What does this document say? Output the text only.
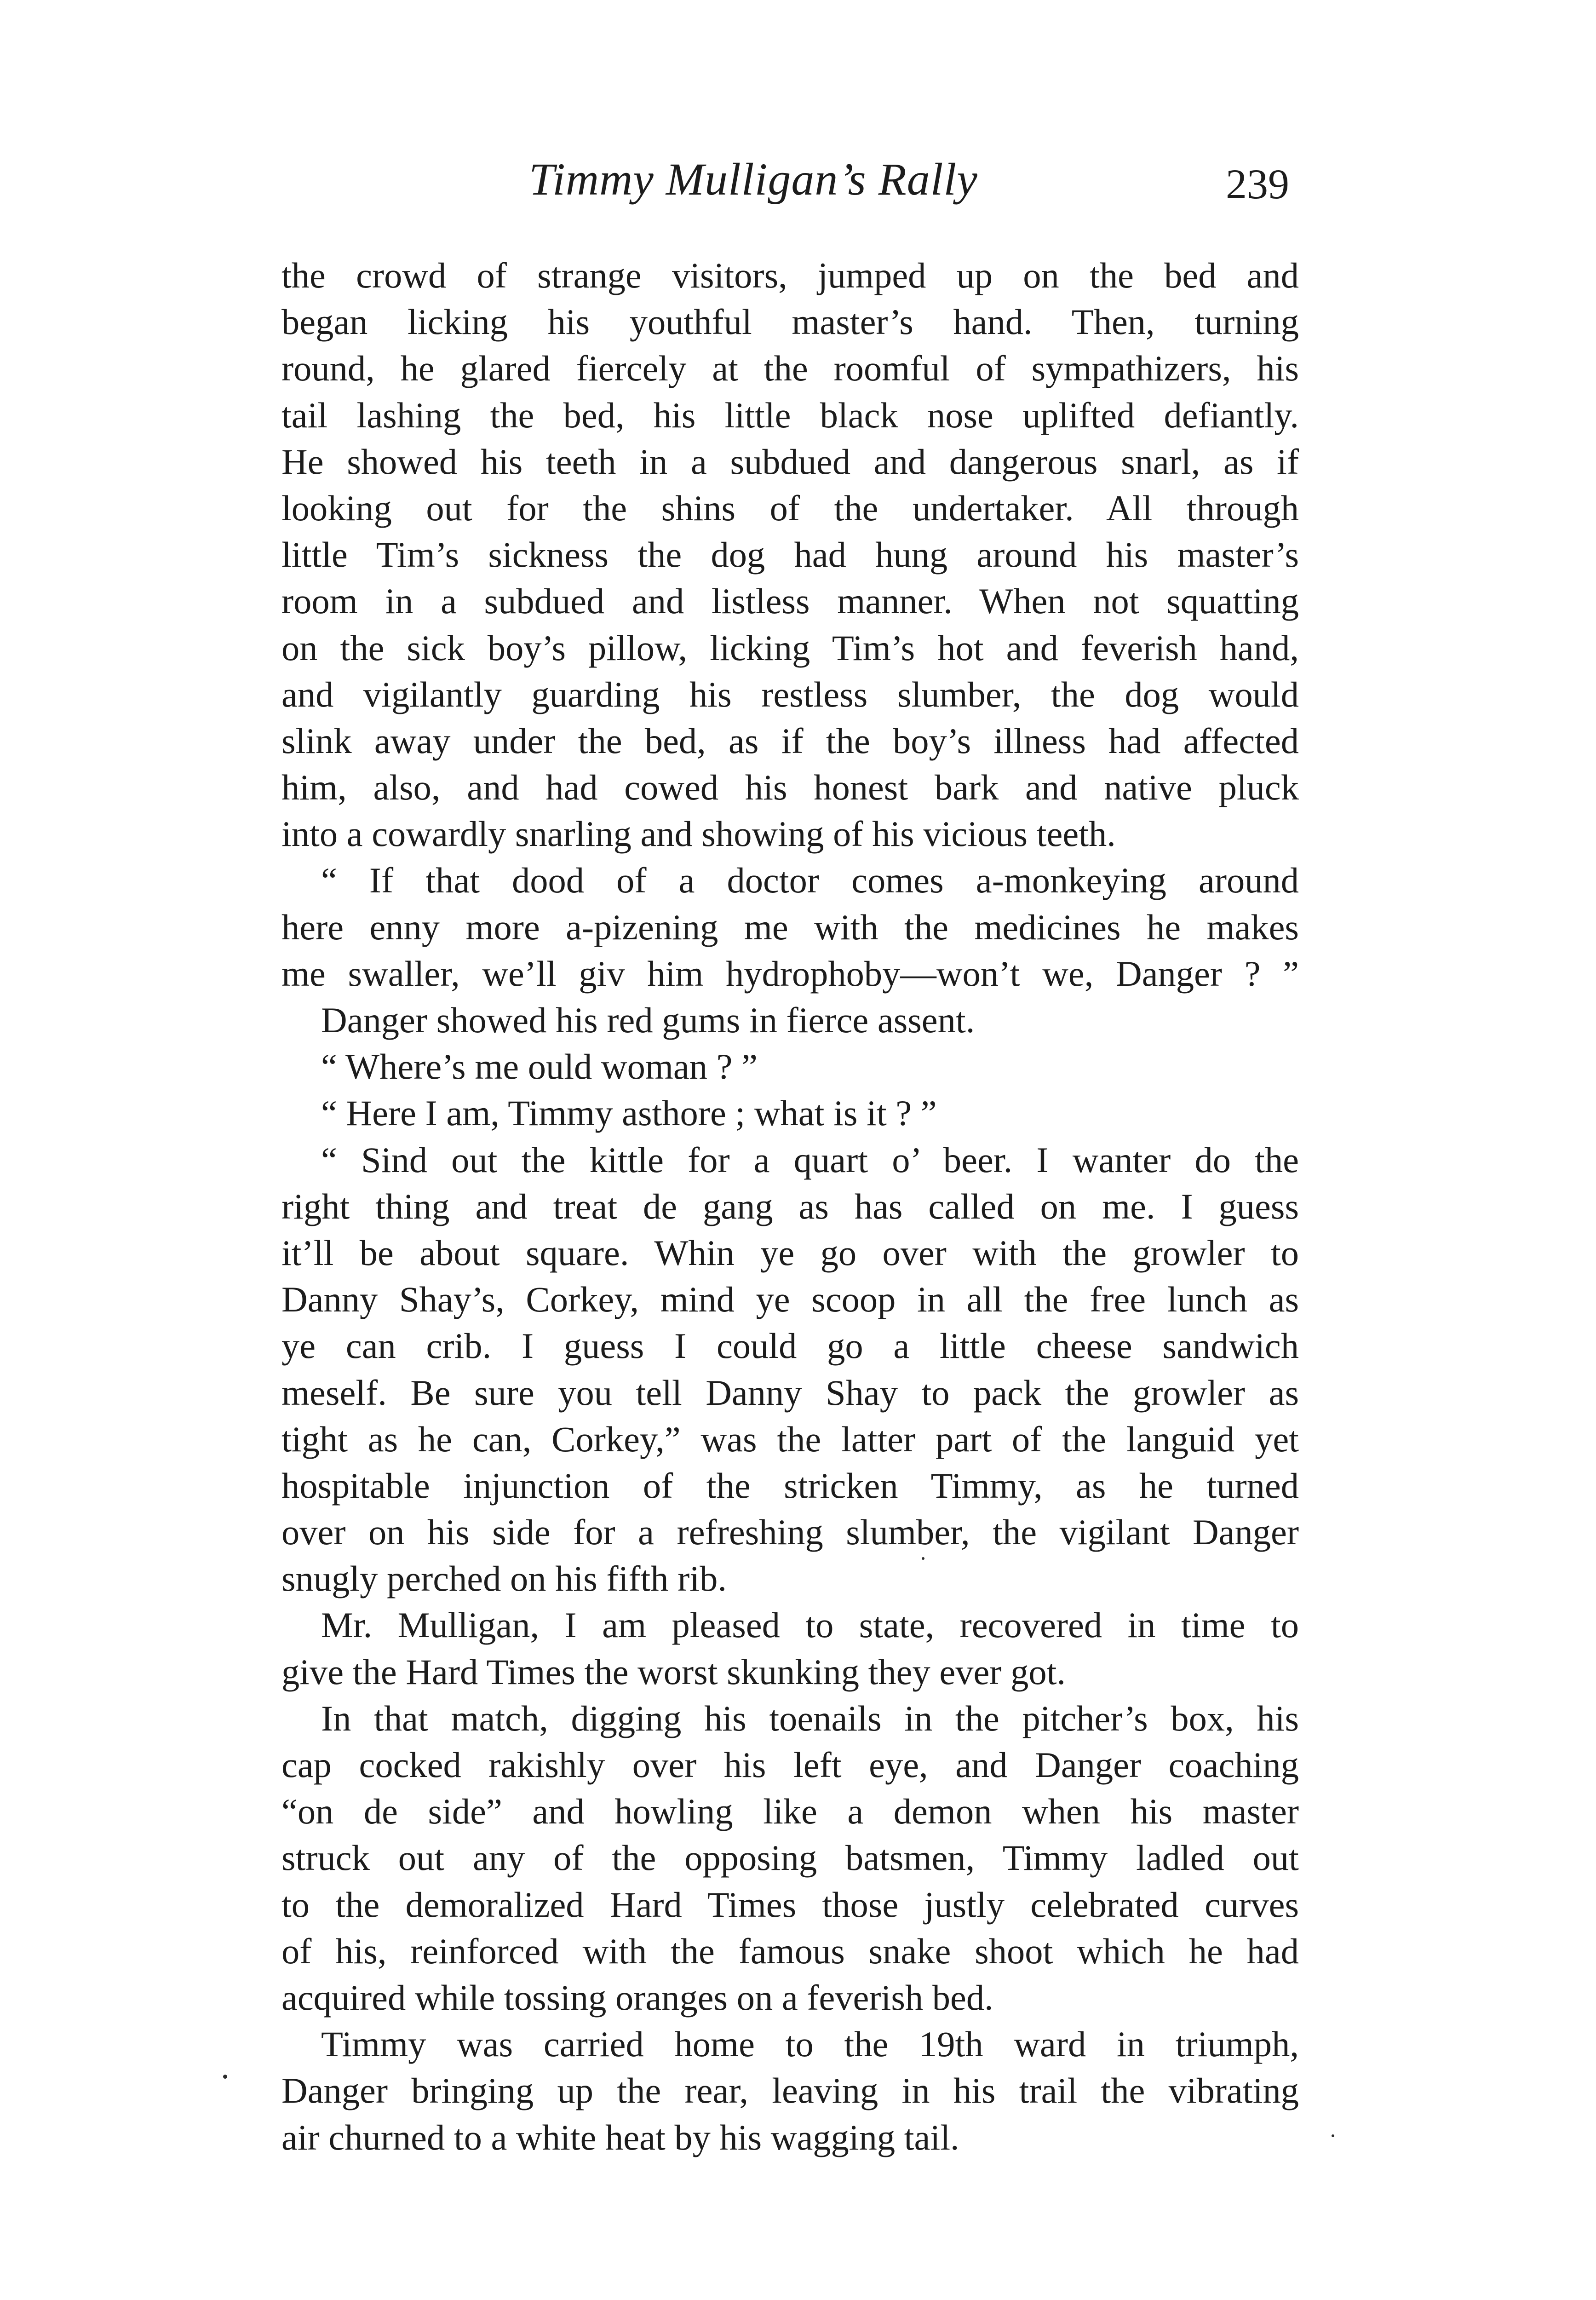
Timmy Mulligan’s Rally	239
the crowd of strange visitors, jumped up on the bed and
began licking his youthful master’s hand. Then, turning
round, he glared fiercely at the roomful of sympathizers, his
tail lashing the bed, his little black nose uplifted defiantly.
He showed his teeth in a subdued and dangerous snarl, as if
looking out for the shins of the undertaker. All through
little Tim’s sickness the dog had hung around his master’s
room in a subdued and listless manner. When not squatting
on the sick boy’s pillow, licking Tim’s hot and feverish hand,
and vigilantly guarding his restless slumber, the dog would
slink away under the bed, as if the boy’s illness had affected
him, also, and had cowed his honest bark and native pluck
into a cowardly snarling and showing of his vicious teeth.
“ If that dood of a doctor comes a-monkeying around
here enny more a-pizening me with the medicines he makes
me swaller, we’ll giv him hydrophoby—won’t we, Danger ? ”
Danger showed his red gums in fierce assent.
“ Where’s me ould woman ? ”
“ Here I am, Timmy asthore ; what is it ? ”
“ Sind out the kittle for a quart o’ beer. I wanter do the
right thing and treat de gang as has called on me. I guess
it’ll be about square. Whin ye go over with the growler to
Danny Shay’s, Corkey, mind ye scoop in all the free lunch as
ye can crib. I guess I could go a little cheese sandwich
meself. Be sure you tell Danny Shay to pack the growler as
tight as he can, Corkey,” was the latter part of the languid yet
hospitable injunction of the stricken Timmy, as he turned
over on his side for a refreshing slumber, the vigilant Danger
snugly perched on his fifth rib.
Mr. Mulligan, I am pleased to state, recovered in time to
give the Hard Times the worst skunking they ever got.
In that match, digging his toenails in the pitcher’s box, his
cap cocked rakishly over his left eye, and Danger coaching
“on de side” and howling like a demon when his master
struck out any of the opposing batsmen, Timmy ladled out
to the demoralized Hard Times those justly celebrated curves
of his, reinforced with the famous snake shoot which he had
acquired while tossing oranges on a feverish bed.
Timmy was carried home to the 19th ward in triumph,
Danger bringing up the rear, leaving in his trail the vibrating
air churned to a white heat by his wagging tail.
